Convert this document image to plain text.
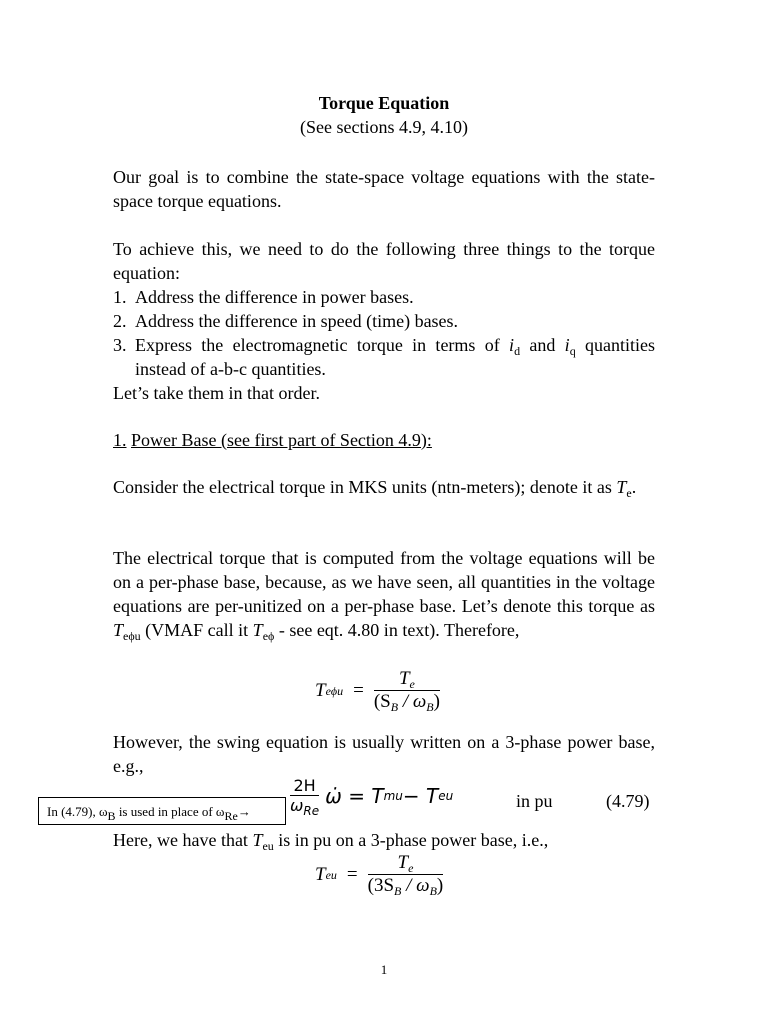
Torque Equation
(See sections 4.9, 4.10)
Our goal is to combine the state-space voltage equations with the state-space torque equations.
To achieve this, we need to do the following three things to the torque equation:
1. Address the difference in power bases.
2. Address the difference in speed (time) bases.
3. Express the electromagnetic torque in terms of $i_d$ and $i_q$ quantities instead of a-b-c quantities.
Let’s take them in that order.
1. Power Base (see first part of Section 4.9):
Consider the electrical torque in MKS units (ntn-meters); denote it as $T_e$.
The electrical torque that is computed from the voltage equations will be on a per-phase base, because, as we have seen, all quantities in the voltage equations are per-unitized on a per-phase base. Let’s denote this torque as $T_{e\phi u}$ (VMAF call it $T_{e\phi}$ - see eqt. 4.80 in text). Therefore,
T $e\phi u = \frac{T_e}{(S_B / \omega_B)}$
However, the swing equation is usually written on a 3-phase power base, e.g.,
$\frac{2H}{\omega_{Re}}$ ω̇ = T mu − T eu	in pu	(4.79)
In (4.79), $\omega_B$ is used in place of $\omega_{Re}\to$
Here, we have that $T_{eu}$ is in pu on a 3-phase power base, i.e.,
T eu = $\frac{T_e}{(3S_B / \omega_B)}$
1
